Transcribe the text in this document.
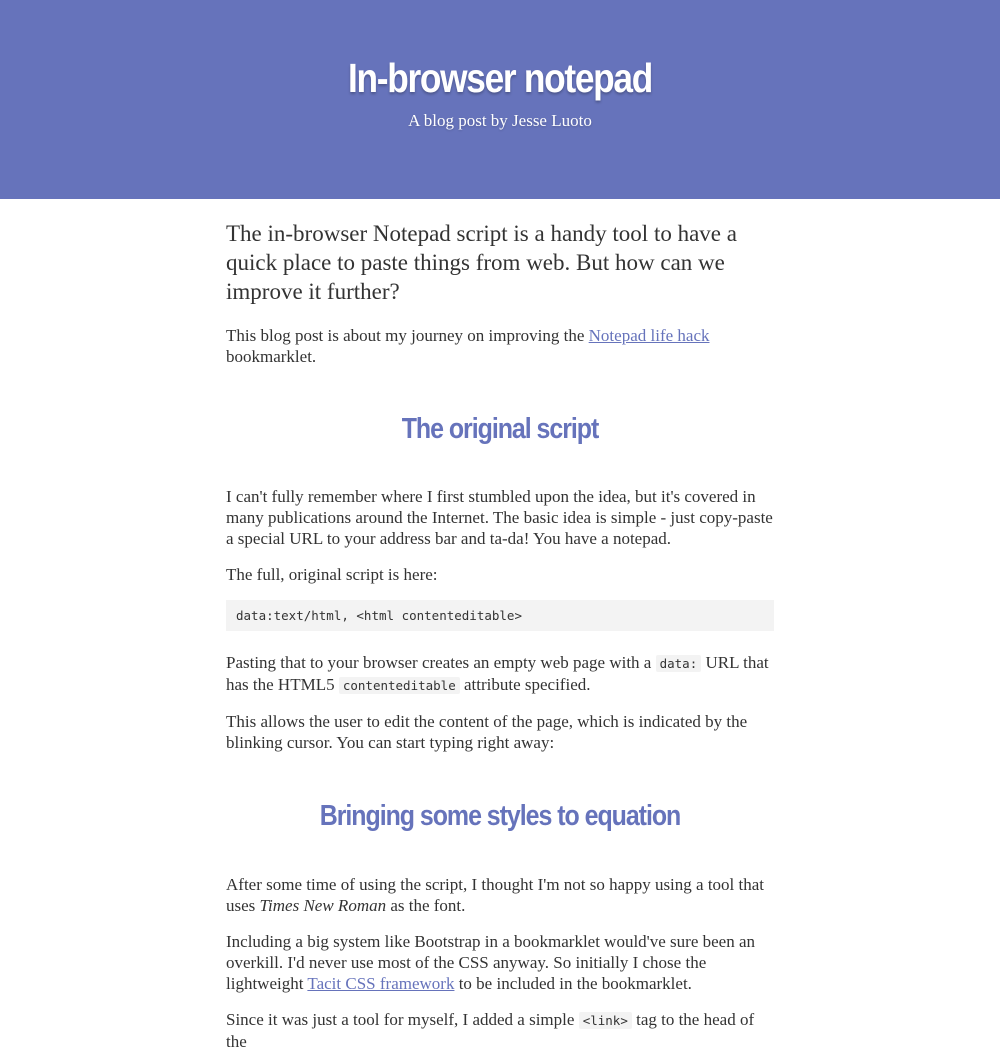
In-browser notepad
A blog post by Jesse Luoto

The in-browser Notepad script is a handy tool to have a quick place to paste things from web. But how can we improve it further?

This blog post is about my journey on improving the Notepad life hack bookmarklet.

The original script

I can't fully remember where I first stumbled upon the idea, but it's covered in many publications around the Internet. The basic idea is simple - just copy-paste a special URL to your address bar and ta-da! You have a notepad.

The full, original script is here:

data:text/html, <html contenteditable>

Pasting that to your browser creates an empty web page with a data: URL that has the HTML5 contenteditable attribute specified.

This allows the user to edit the content of the page, which is indicated by the blinking cursor. You can start typing right away:

Bringing some styles to equation

After some time of using the script, I thought I'm not so happy using a tool that uses Times New Roman as the font.

Including a big system like Bootstrap in a bookmarklet would've sure been an overkill. I'd never use most of the CSS anyway. So initially I chose the lightweight Tacit CSS framework to be included in the bookmarklet.

Since it was just a tool for myself, I added a simple <link> tag to the head of the
